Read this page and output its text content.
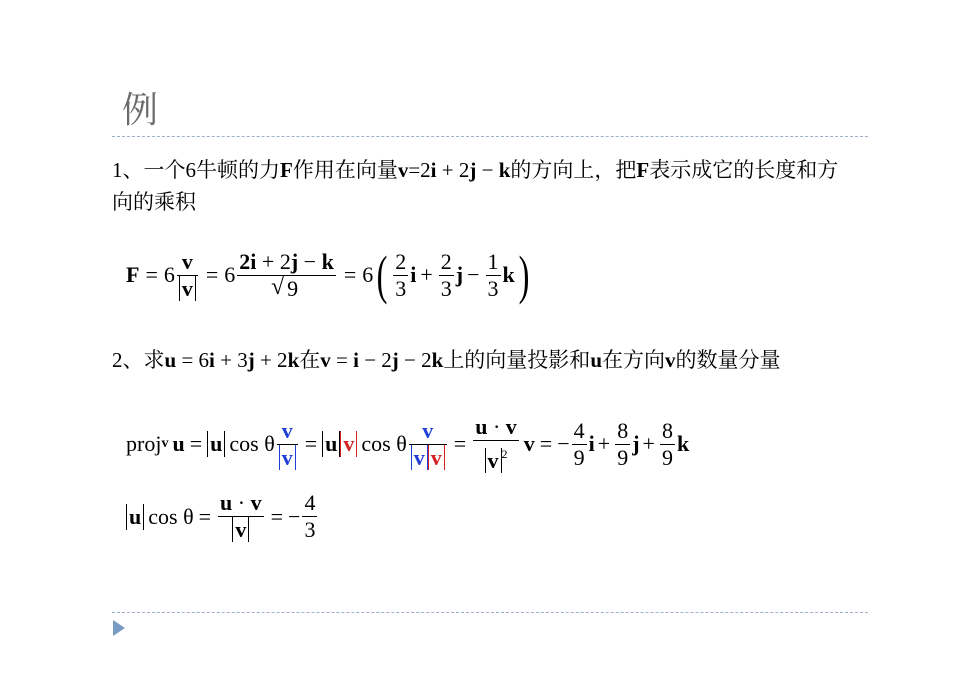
例
1、一个6牛顿的力F作用在向量v=2i + 2j − k的方向上，把F表示成它的长度和方
向的乘积
$F = 6 \frac{v}{v} = 6$ 2i + 2j − k
√ 9 = 6 ( $\frac{2}{3}$ $i + \frac{2}{3}$ $j - \frac{1}{3}$ k )
2、求u = 6i + 3j + 2k在v = i − 2j − 2k上的向量投影和u在方向v的数量分量
proj v u = u cos θ $\frac{v}{v} = u$ v cos θ $\frac{v}{\text{v v}} = \frac{u \cdot v}{v ^2}$ v = − $\frac{4}{9}$ $i + \frac{8}{9}$ $j + \frac{8}{9}$ k
u $\cos \theta = \frac{u \cdot v}{v}$ = − $\frac{4}{3}$
